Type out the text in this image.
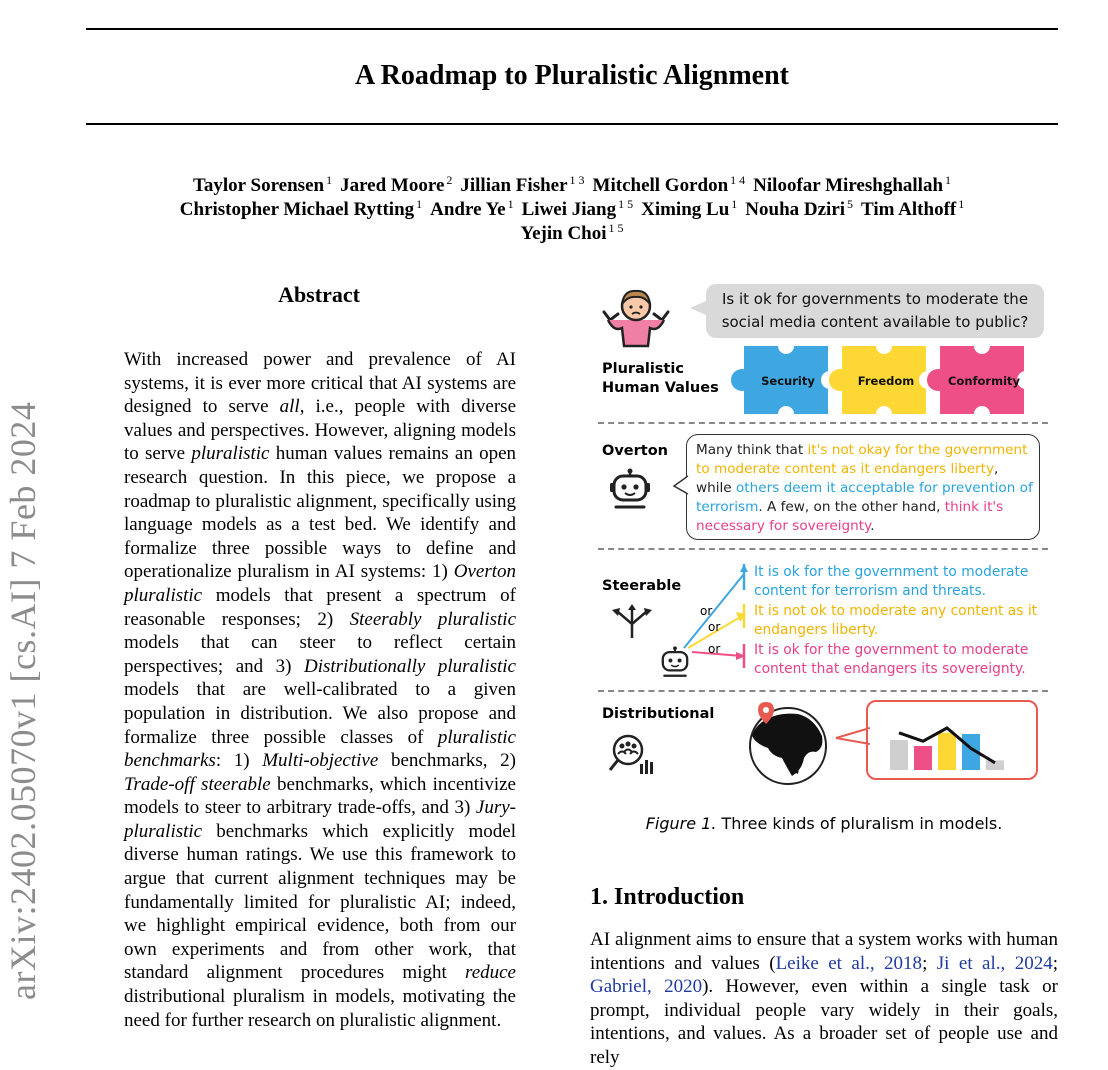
A Roadmap to Pluralistic Alignment
Taylor Sorensen $^1$ Jared Moore $^2$ Jillian Fisher $^{1 3}$ Mitchell Gordon $^{1 4}$ Niloofar Mireshghallah $^1$
Christopher Michael Rytting $^1$ Andre Ye $^1$ Liwei Jiang $^{1 5}$ Ximing Lu $^1$ Nouha Dziri $^5$ Tim Althoff $^1$
Yejin Choi $^{1 5}$
arXiv:2402.05070v1 [cs.AI] 7 Feb 2024
Abstract
With increased power and prevalence of AI systems, it is ever more critical that AI systems are designed to serve all, i.e., people with diverse values and perspectives. However, aligning models to serve pluralistic human values remains an open research question. In this piece, we propose a roadmap to pluralistic alignment, specifically using language models as a test bed. We identify and formalize three possible ways to define and operationalize pluralism in AI systems: 1) Overton pluralistic models that present a spectrum of reasonable responses; 2) Steerably pluralistic models that can steer to reflect certain perspectives; and 3) Distributionally pluralistic models that are well-calibrated to a given population in distribution. We also propose and formalize three possible classes of pluralistic benchmarks: 1) Multi-objective benchmarks, 2) Trade-off steerable benchmarks, which incentivize models to steer to arbitrary trade-offs, and 3) Jury-pluralistic benchmarks which explicitly model diverse human ratings. We use this framework to argue that current alignment techniques may be fundamentally limited for pluralistic AI; indeed, we highlight empirical evidence, both from our own experiments and from other work, that standard alignment procedures might reduce distributional pluralism in models, motivating the need for further research on pluralistic alignment.
Is it ok for governments to moderate the social media content available to public?
Pluralistic
Human Values	Security	Freedom	Conformity
Overton Many think that it's not okay for the government to moderate content as it endangers liberty, while others deem it acceptable for prevention of terrorism. A few, on the other hand, think it's necessary for sovereignty.
Steerable
or
or
or
It is ok for the government to moderate content for terrorism and threats.
It is not ok to moderate any content as it endangers liberty.
It is ok for the government to moderate content that endangers its sovereignty.
Distributional
Figure 1. Three kinds of pluralism in models.
1. Introduction
AI alignment aims to ensure that a system works with human intentions and values (Leike et al., 2018; Ji et al., 2024; Gabriel, 2020). However, even within a single task or prompt, individual people vary widely in their goals, intentions, and values. As a broader set of people use and rely
